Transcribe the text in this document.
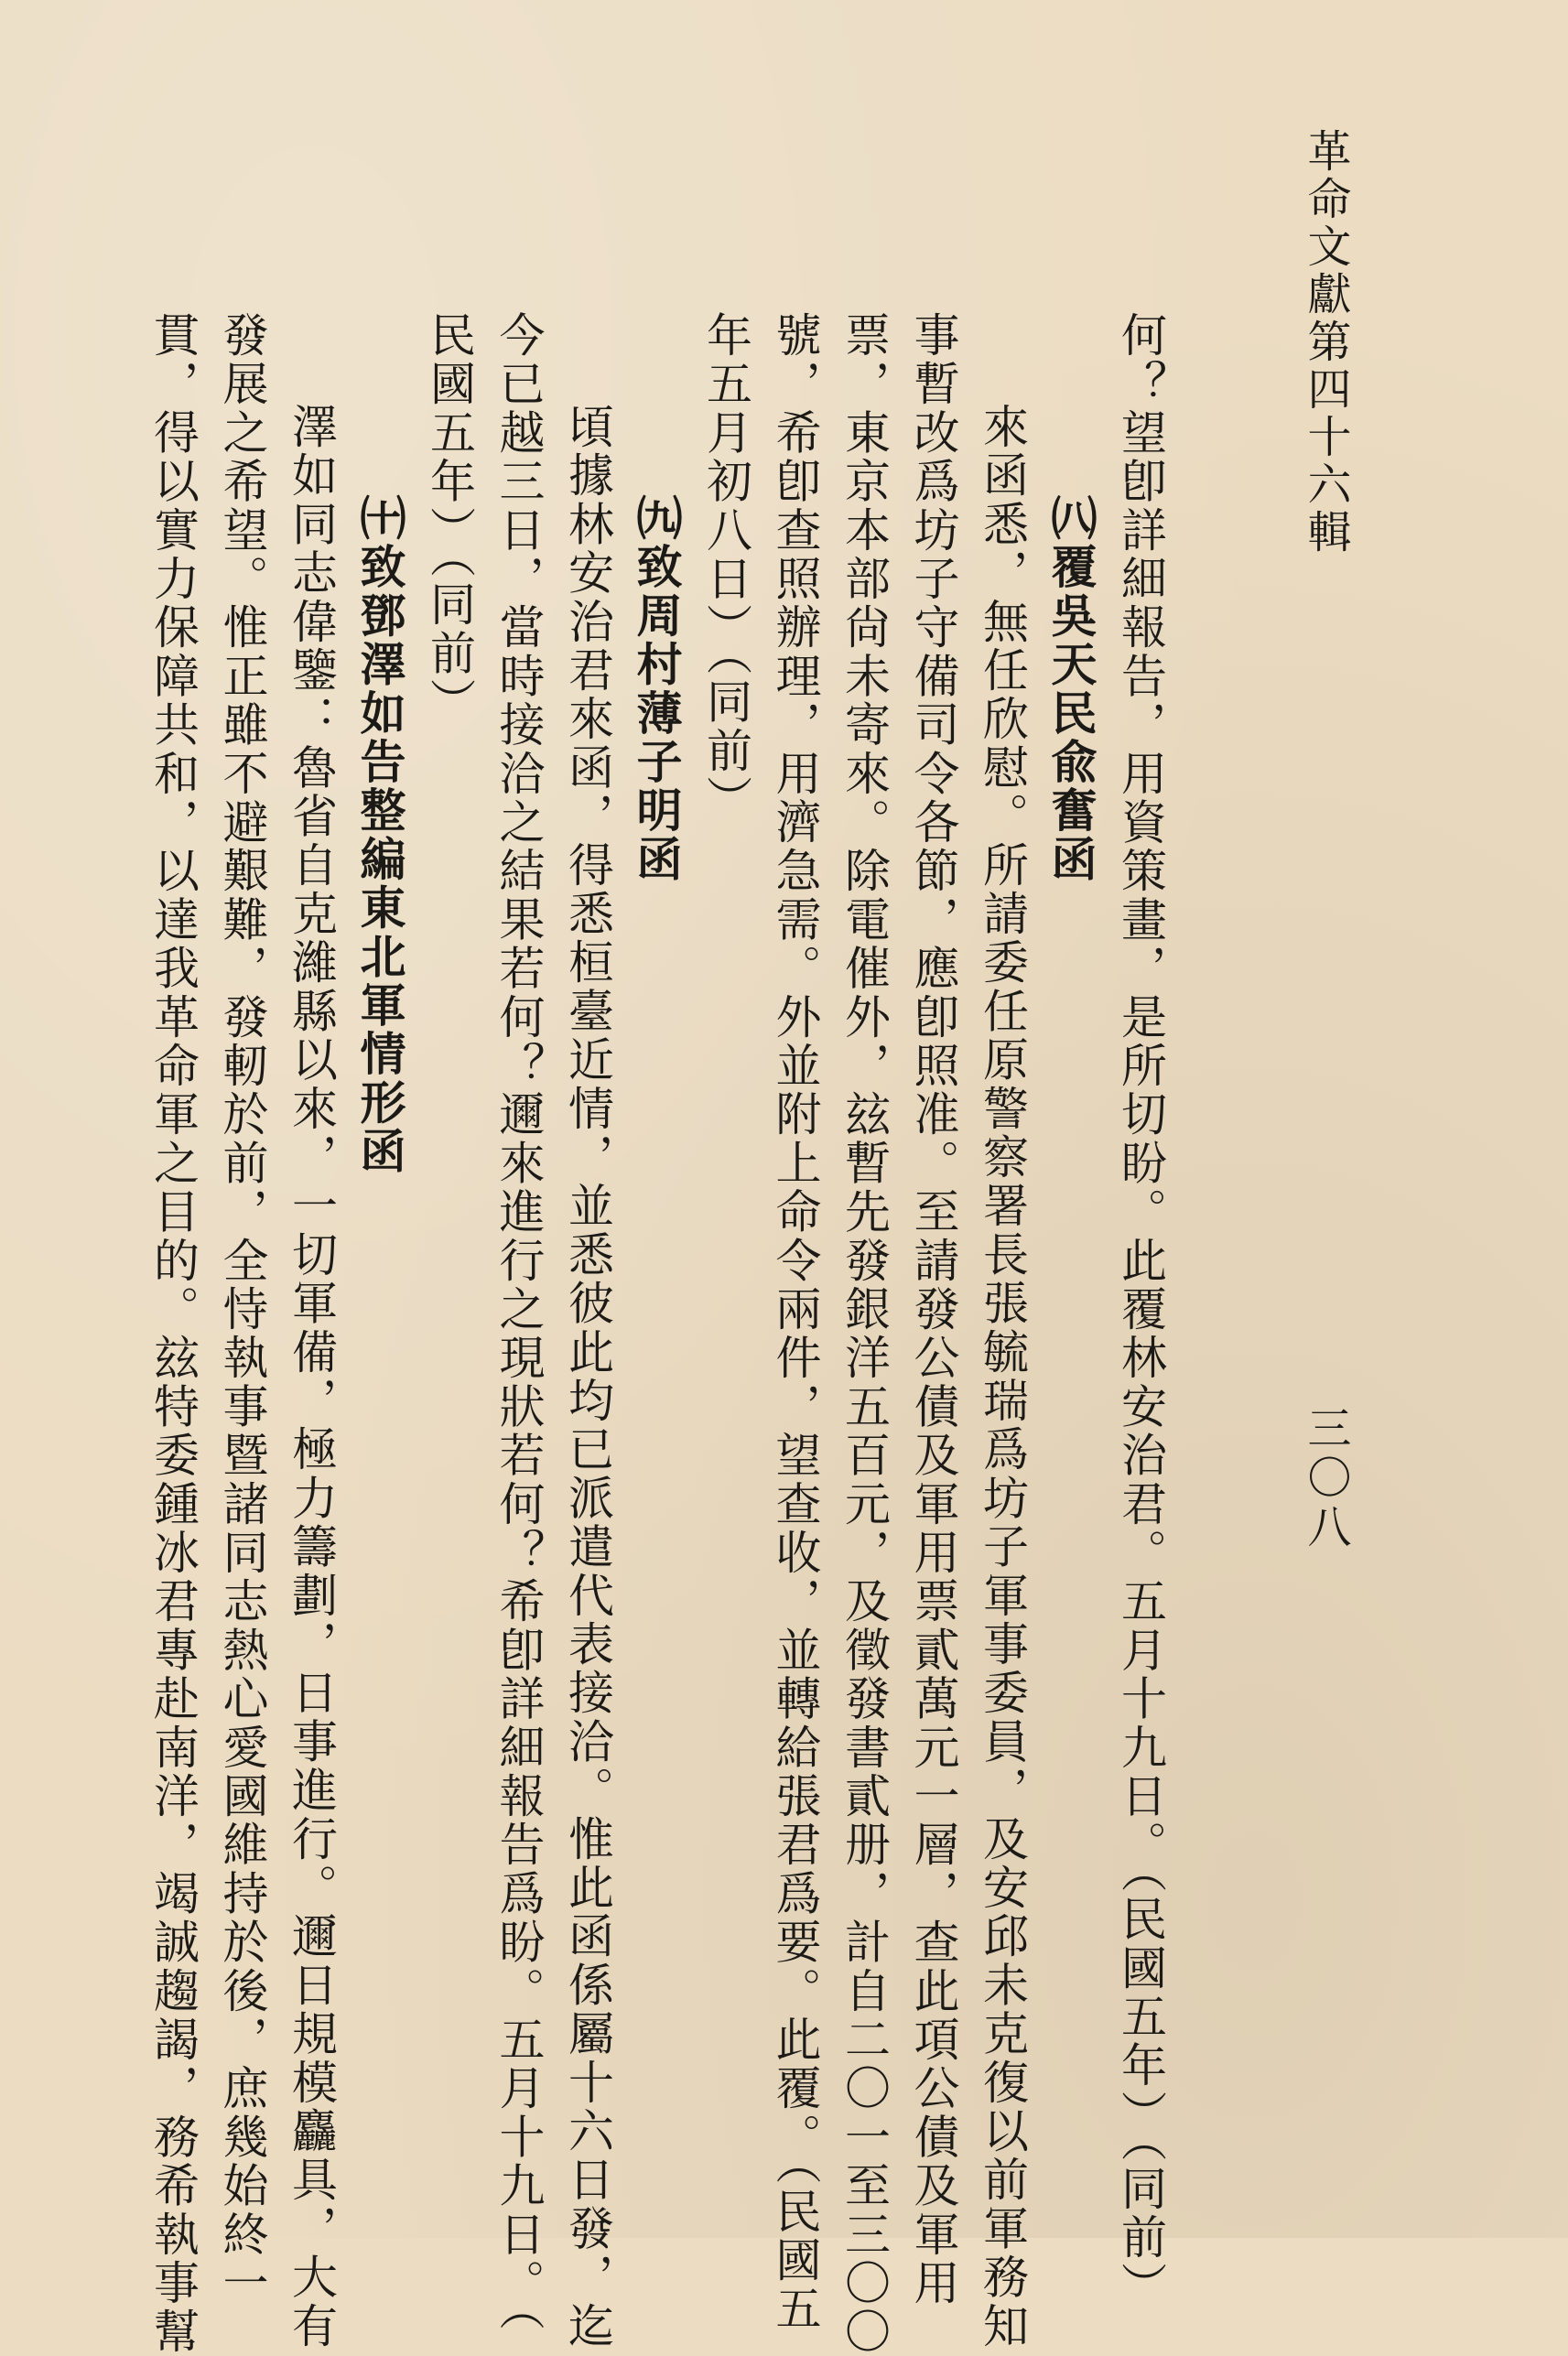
革命文獻第四十六輯
三〇八
何？望卽詳細報告，用資策畫，是所切盼。此覆林安治君。五月十九日。（民國五年）（同前）
㈧覆吳天民兪奮函
來函悉，無任欣慰。所請委任原警察署長張毓瑞爲坊子軍事委員，及安邱未克復以前軍務知
事暫改爲坊子守備司令各節，應卽照准。至請發公債及軍用票貳萬元一層，查此項公債及軍用
票，東京本部尙未寄來。除電催外，玆暫先發銀洋五百元，及徵發書貳册，計自二〇一至三〇〇
號，希卽查照辦理，用濟急需。外並附上命令兩件，望查收，並轉給張君爲要。此覆。（民國五
年五月初八日）（同前）
㈨致周村薄子明函
頃據林安治君來函，得悉桓臺近情，並悉彼此均已派遣代表接洽。惟此函係屬十六日發，迄
今已越三日，當時接洽之結果若何？邇來進行之現狀若何？希卽詳細報告爲盼。五月十九日。（
民國五年）（同前）
㈩致鄧澤如告整編東北軍情形函
澤如同志偉鑒：魯省自克濰縣以來，一切軍備，極力籌劃，日事進行。邇日規模麤具，大有
發展之希望。惟正雖不避艱難，發軔於前，全恃執事暨諸同志熱心愛國維持於後，庶幾始終一
貫，得以實力保障共和，以達我革命軍之目的。玆特委鍾冰君專赴南洋，竭誠趨謁，務希執事幫
